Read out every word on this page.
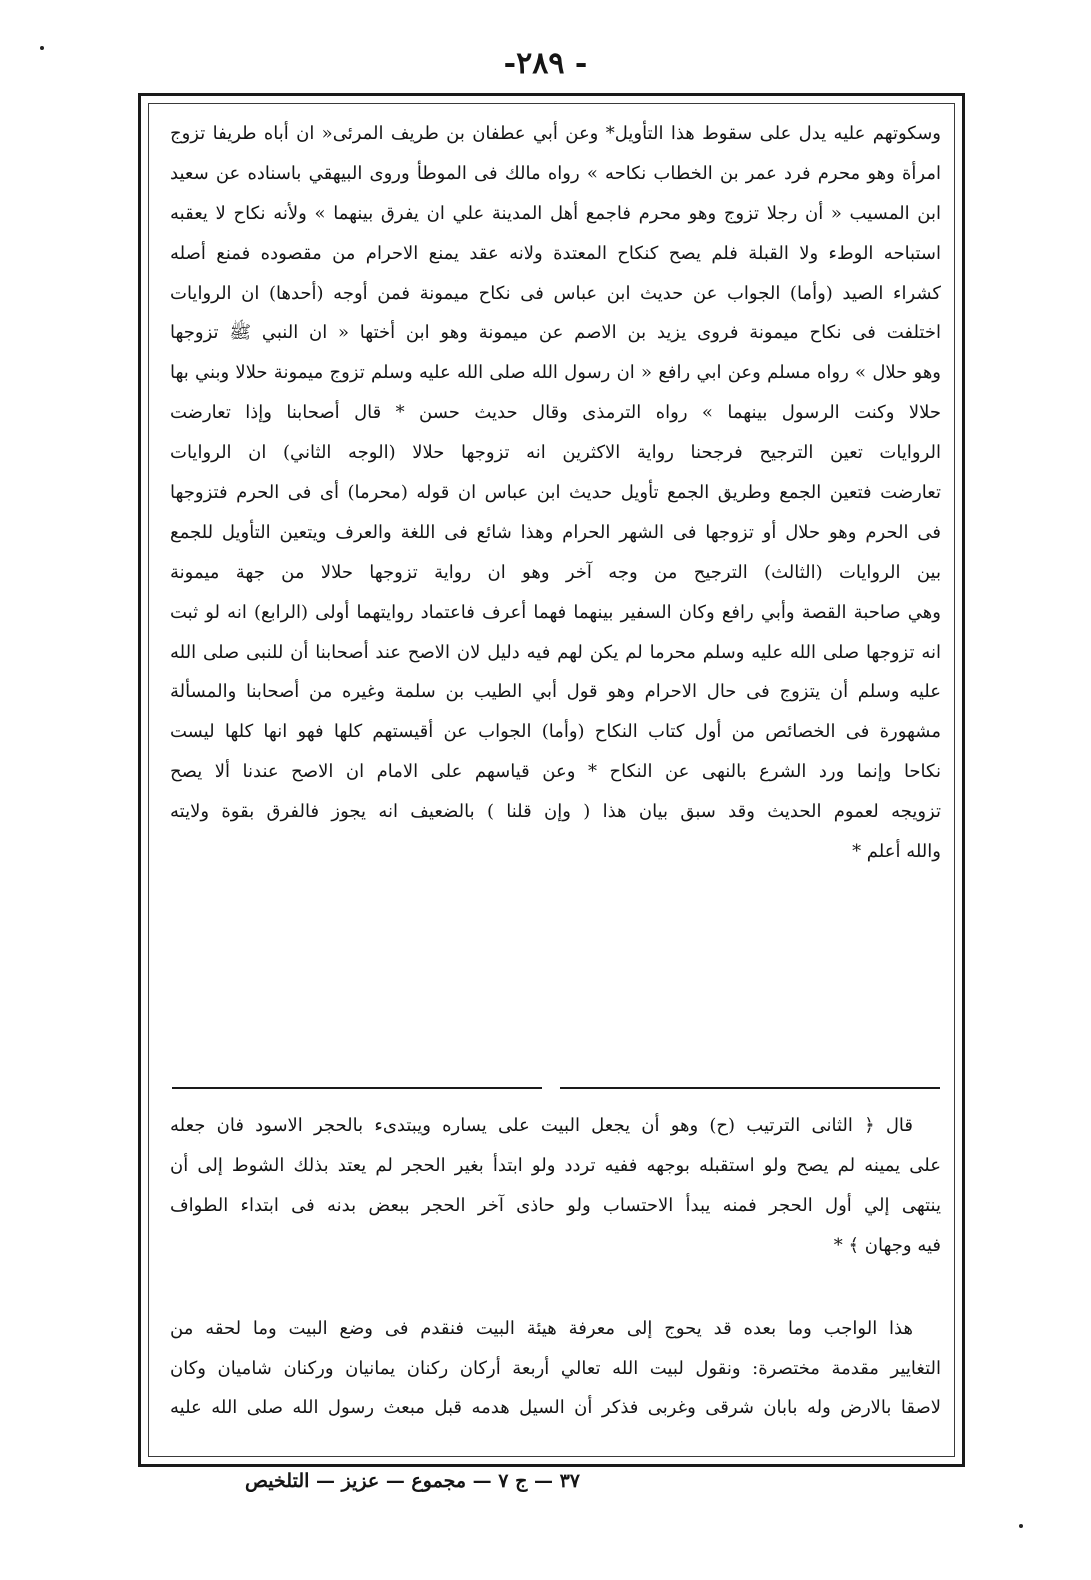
- ٢٨٩-
وسكوتهم عليه يدل على سقوط هذا التأويل* وعن أبي عطفان بن طريف المرئى« ان أباه طريفا تزوج
امرأة وهو محرم فرد عمر بن الخطاب نكاحه » رواه مالك فى الموطأ وروى البيهقي باسناده عن سعيد
ابن المسيب « أن رجلا تزوج وهو محرم فاجمع أهل المدينة علي ان يفرق بينهما » ولأنه نكاح لا يعقبه
استباحه الوطء ولا القبلة فلم يصح كنكاح المعتدة ولانه عقد يمنع الاحرام من مقصوده فمنع أصله
كشراء الصيد (وأما) الجواب عن حديث ابن عباس فى نكاح ميمونة فمن أوجه (أحدها) ان الروايات
اختلفت فى نكاح ميمونة فروى يزيد بن الاصم عن ميمونة وهو ابن أختها « ان النبي ﷺ تزوجها
وهو حلال » رواه مسلم وعن ابي رافع « ان رسول الله صلى الله عليه وسلم تزوج ميمونة حلالا وبني بها
حلالا وكنت الرسول بينهما » رواه الترمذى وقال حديث حسن * قال أصحابنا وإذا تعارضت
الروايات تعين الترجيح فرجحنا رواية الاكثرين انه تزوجها حلالا (الوجه الثاني) ان الروايات
تعارضت فتعين الجمع وطريق الجمع تأويل حديث ابن عباس ان قوله (محرما) أى فى الحرم فتزوجها
فى الحرم وهو حلال أو تزوجها فى الشهر الحرام وهذا شائع فى اللغة والعرف ويتعين التأويل للجمع
بين الروايات (الثالث) الترجيح من وجه آخر وهو ان رواية تزوجها حلالا من جهة ميمونة
وهي صاحبة القصة وأبي رافع وكان السفير بينهما فهما أعرف فاعتماد روايتهما أولى (الرابع) انه لو ثبت
انه تزوجها صلى الله عليه وسلم محرما لم يكن لهم فيه دليل لان الاصح عند أصحابنا أن للنبى صلى الله
عليه وسلم أن يتزوج فى حال الاحرام وهو قول أبي الطيب بن سلمة وغيره من أصحابنا والمسألة
مشهورة فى الخصائص من أول كتاب النكاح (وأما) الجواب عن أقيستهم كلها فهو انها كلها ليست
نكاحا وإنما ورد الشرع بالنهى عن النكاح * وعن قياسهم على الامام ان الاصح عندنا ألا يصح
تزويجه لعموم الحديث وقد سبق بيان هذا ( وإن قلنا ) بالضعيف انه يجوز فالفرق بقوة ولايته
والله أعلم *
قال ﴿ الثانى الترتيب (ح) وهو أن يجعل البيت على يساره ويبتدىء بالحجر الاسود فان جعله
على يمينه لم يصح ولو استقبله بوجهه ففيه تردد ولو ابتدأ بغير الحجر لم يعتد بذلك الشوط إلى أن
ينتهى إلي أول الحجر فمنه يبدأ الاحتساب ولو حاذى آخر الحجر ببعض بدنه فى ابتداء الطواف
فيه وجهان ﴾ *
هذا الواجب وما بعده قد يحوج إلى معرفة هيئة البيت فنقدم فى وضع البيت وما لحقه من
التغايير مقدمة مختصرة: ونقول لبيت الله تعالي أربعة أركان ركنان يمانيان وركنان شاميان وكان
لاصقا بالارض وله بابان شرقى وغربى فذكر أن السيل هدمه قبل مبعث رسول الله صلى الله عليه
٣٧ — ج ٧ — مجموع — عزيز — التلخيص
